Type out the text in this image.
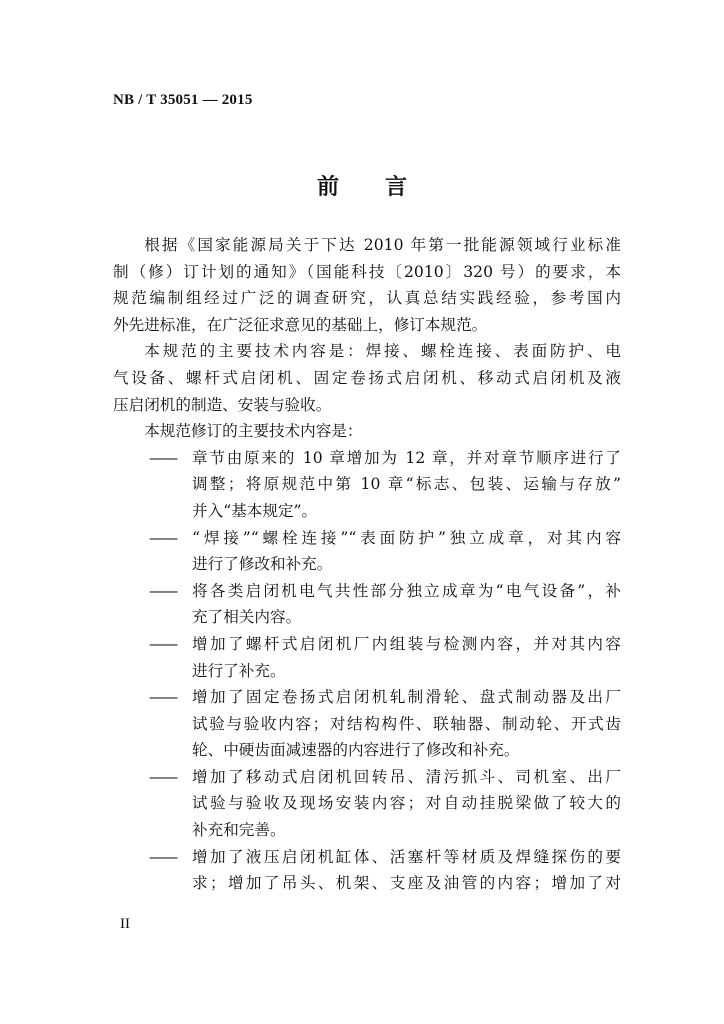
NB / T 35051 — 2015
前 言

根据《国家能源局关于下达 2010 年第一批能源领域行业标准
制（修）订计划的通知》（国能科技〔2010〕320 号）的要求，本
规范编制组经过广泛的调查研究，认真总结实践经验，参考国内
外先进标准，在广泛征求意见的基础上，修订本规范。

本规范的主要技术内容是：焊接、螺栓连接、表面防护、电
气设备、螺杆式启闭机、固定卷扬式启闭机、移动式启闭机及液
压启闭机的制造、安装与验收。

本规范修订的主要技术内容是：

——	章节由原来的 10 章增加为 12 章，并对章节顺序进行了
调整；将原规范中第 10 章“标志、包装、运输与存放”
并入“基本规定”。
——	“焊接”“螺栓连接”“表面防护”独立成章，对其内容
进行了修改和补充。
——	将各类启闭机电气共性部分独立成章为“电气设备”，补
充了相关内容。
——	增加了螺杆式启闭机厂内组装与检测内容，并对其内容
进行了补充。
——	增加了固定卷扬式启闭机轧制滑轮、盘式制动器及出厂
试验与验收内容；对结构构件、联轴器、制动轮、开式齿
轮、中硬齿面减速器的内容进行了修改和补充。
——	增加了移动式启闭机回转吊、清污抓斗、司机室、出厂
试验与验收及现场安装内容；对自动挂脱梁做了较大的
补充和完善。
——	增加了液压启闭机缸体、活塞杆等材质及焊缝探伤的要
求；增加了吊头、机架、支座及油管的内容；增加了对
II
